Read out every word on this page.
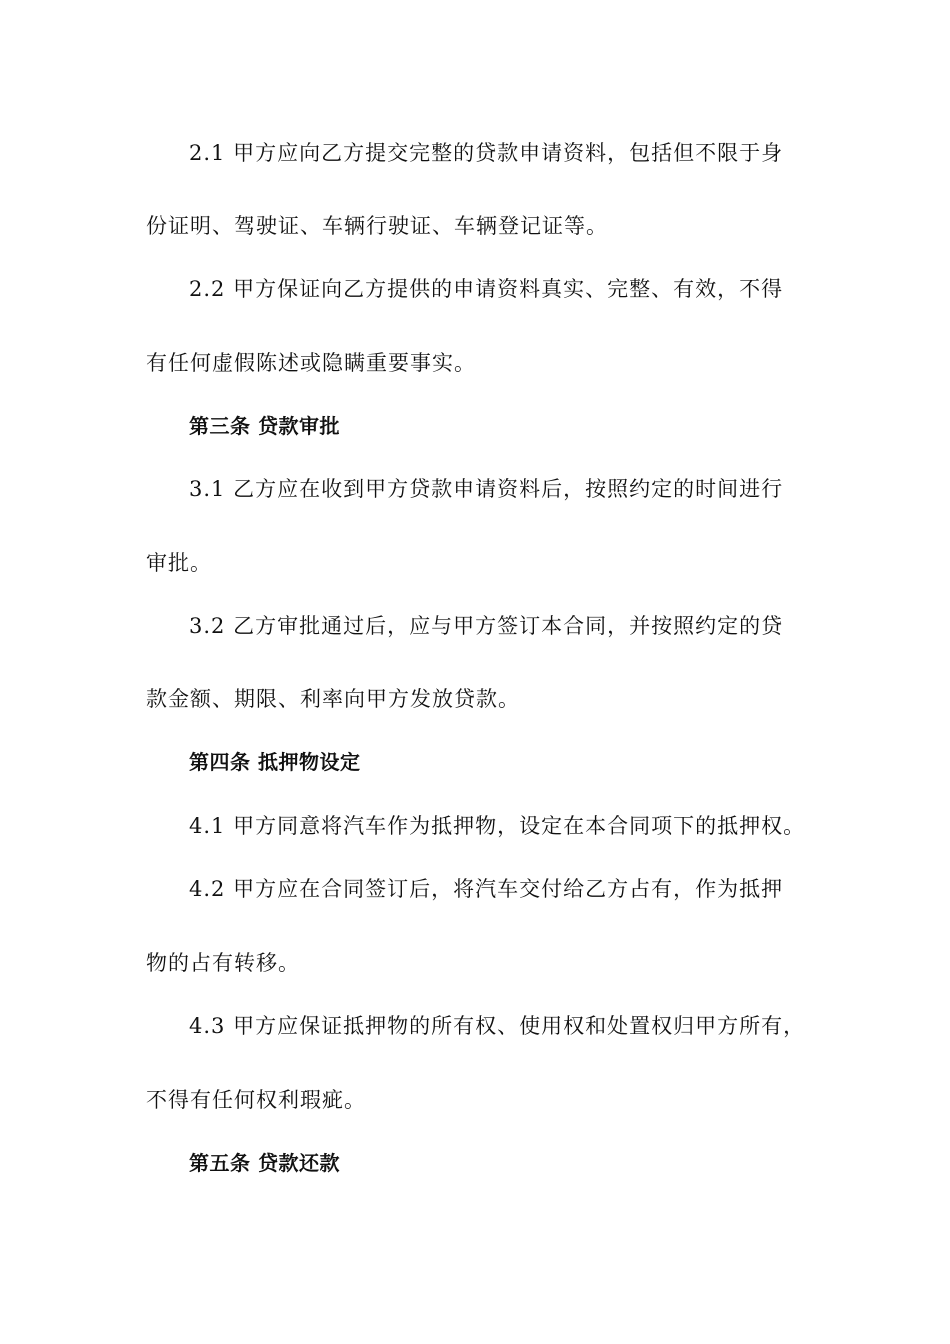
2.1 甲方应向乙方提交完整的贷款申请资料，包括但不限于身
份证明、驾驶证、车辆行驶证、车辆登记证等。
2.2 甲方保证向乙方提供的申请资料真实、完整、有效，不得
有任何虚假陈述或隐瞒重要事实。
第三条 贷款审批
3.1 乙方应在收到甲方贷款申请资料后，按照约定的时间进行
审批。
3.2 乙方审批通过后，应与甲方签订本合同，并按照约定的贷
款金额、期限、利率向甲方发放贷款。
第四条 抵押物设定
4.1 甲方同意将汽车作为抵押物，设定在本合同项下的抵押权。
4.2 甲方应在合同签订后，将汽车交付给乙方占有，作为抵押
物的占有转移。
4.3 甲方应保证抵押物的所有权、使用权和处置权归甲方所有，
不得有任何权利瑕疵。
第五条 贷款还款
